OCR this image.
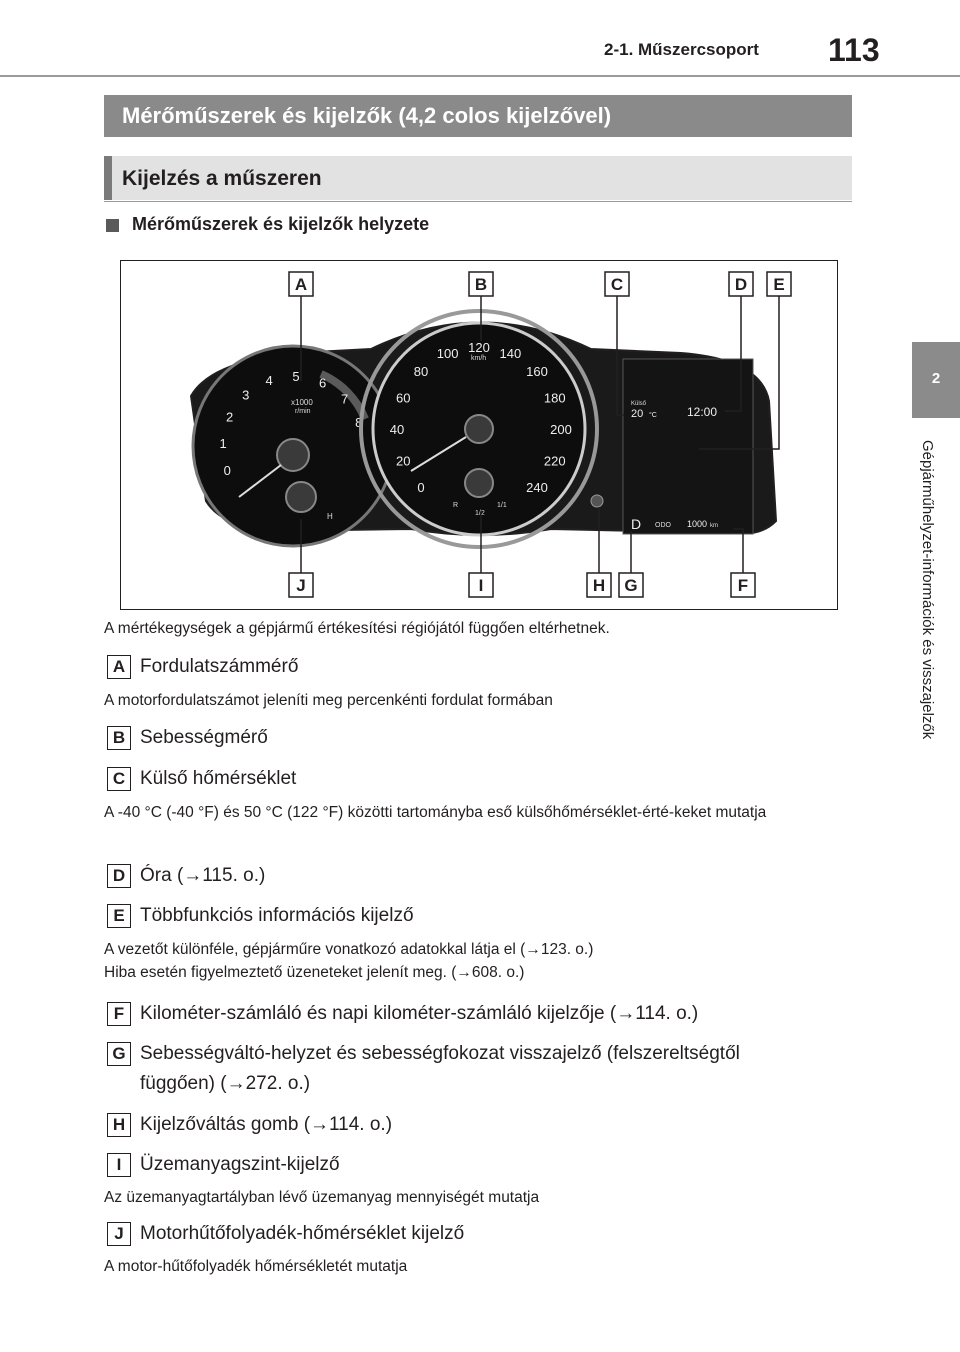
2-1. Műszercsoport 113
2
Gépjárműhelyzet-információk és visszajelzők
Mérőműszerek és kijelzők (4,2 colos kijelzővel)
Kijelzés a műszeren
Mérőműszerek és kijelzők helyzete
0
1
2
3
4 5 6
7
8
x1000
r/min
H
0
20
40
60
80
100 120 140
160
180
200
220
240
km/h
R
1/2
1/1
Külső
20 °C	12:00
D ODO 1000 km
A	B	C	D E
J	I	H G	F
A mértékegységek a gépjármű értékesítési régiójától függően eltérhetnek.
A Fordulatszámmérő
A motorfordulatszámot jeleníti meg percenkénti fordulat formában
B Sebességmérő
C Külső hőmérséklet
A -40 °C (-40 °F) és 50 °C (122 °F) közötti tartományba eső külsőhőmérséklet-érté-keket mutatja
D Óra (→115. o.)
E Többfunkciós információs kijelző
A vezetőt különféle, gépjárműre vonatkozó adatokkal látja el (→123. o.)
Hiba esetén figyelmeztető üzeneteket jelenít meg. (→608. o.)
F Kilométer-számláló és napi kilométer-számláló kijelzője (→114. o.)
G Sebességváltó-helyzet és sebességfokozat visszajelző (felszereltségtől
függően) (→272. o.)
H Kijelzőváltás gomb (→114. o.)
I Üzemanyagszint-kijelző
Az üzemanyagtartályban lévő üzemanyag mennyiségét mutatja
J Motorhűtőfolyadék-hőmérséklet kijelző
A motor-hűtőfolyadék hőmérsékletét mutatja
